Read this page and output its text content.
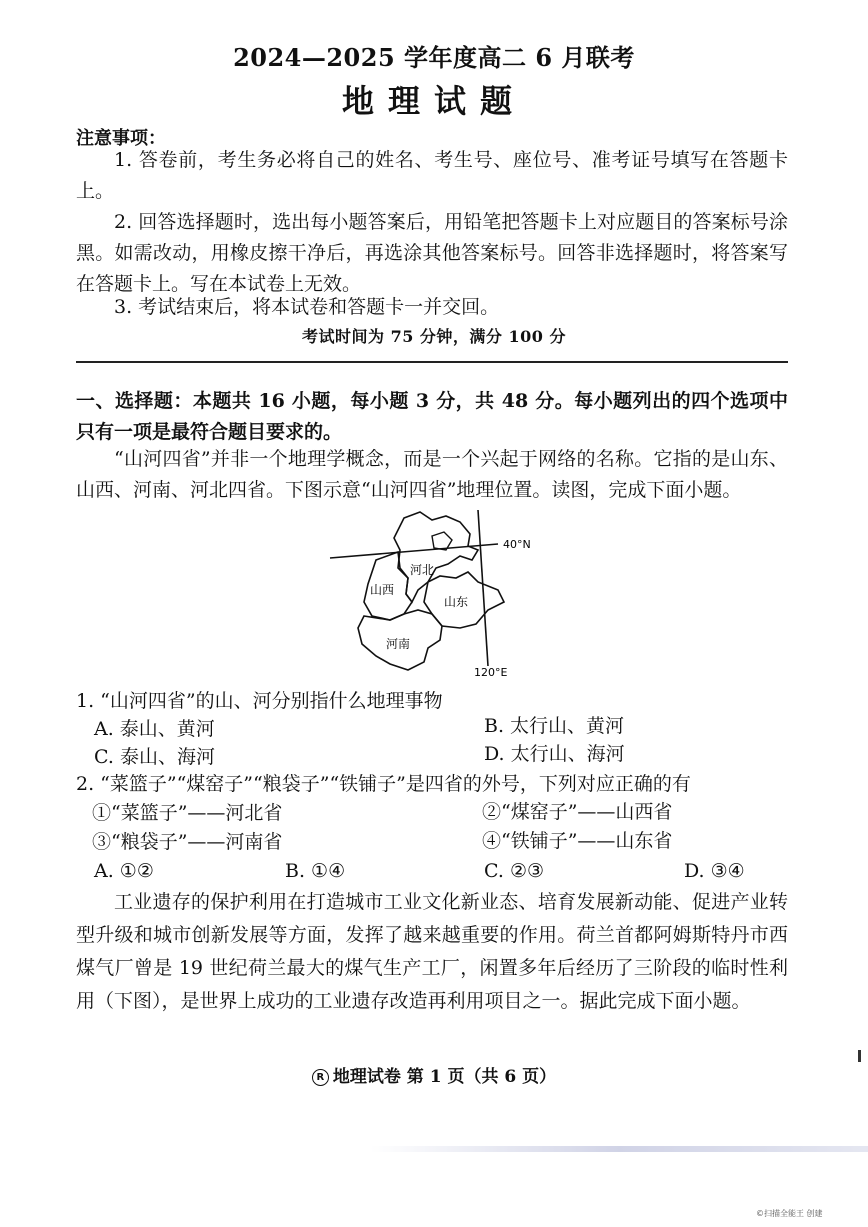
2024—2025 学年度高二 6 月联考
地理试题
注意事项：
1. 答卷前，考生务必将自己的姓名、考生号、座位号、准考证号填写在答题卡上。
2. 回答选择题时，选出每小题答案后，用铅笔把答题卡上对应题目的答案标号涂黑。如需改动，用橡皮擦干净后，再选涂其他答案标号。回答非选择题时，将答案写在答题卡上。写在本试卷上无效。
3. 考试结束后，将本试卷和答题卡一并交回。
考试时间为 75 分钟，满分 100 分
一、选择题：本题共 16 小题，每小题 3 分，共 48 分。每小题列出的四个选项中只有一项是最符合题目要求的。
“山河四省”并非一个地理学概念，而是一个兴起于网络的名称。它指的是山东、山西、河南、河北四省。下图示意“山河四省”地理位置。读图，完成下面小题。
40°N
120°E
河北
山西
山东
河南
1. “山河四省”的山、河分别指什么地理事物
A. 泰山、黄河	B. 太行山、黄河
C. 泰山、海河	D. 太行山、海河
2. “菜篮子”“煤窑子”“粮袋子”“铁铺子”是四省的外号，下列对应正确的有
①“菜篮子”——河北省	②“煤窑子”——山西省
③“粮袋子”——河南省	④“铁铺子”——山东省
A. ①②	B. ①④	C. ②③	D. ③④
工业遗存的保护利用在打造城市工业文化新业态、培育发展新动能、促进产业转型升级和城市创新发展等方面，发挥了越来越重要的作用。荷兰首都阿姆斯特丹市西煤气厂曾是 19 世纪荷兰最大的煤气生产工厂，闲置多年后经历了三阶段的临时性利用（下图），是世界上成功的工业遗存改造再利用项目之一。据此完成下面小题。
R 地理试卷 第 1 页（共 6 页）
©扫描全能王 创建
